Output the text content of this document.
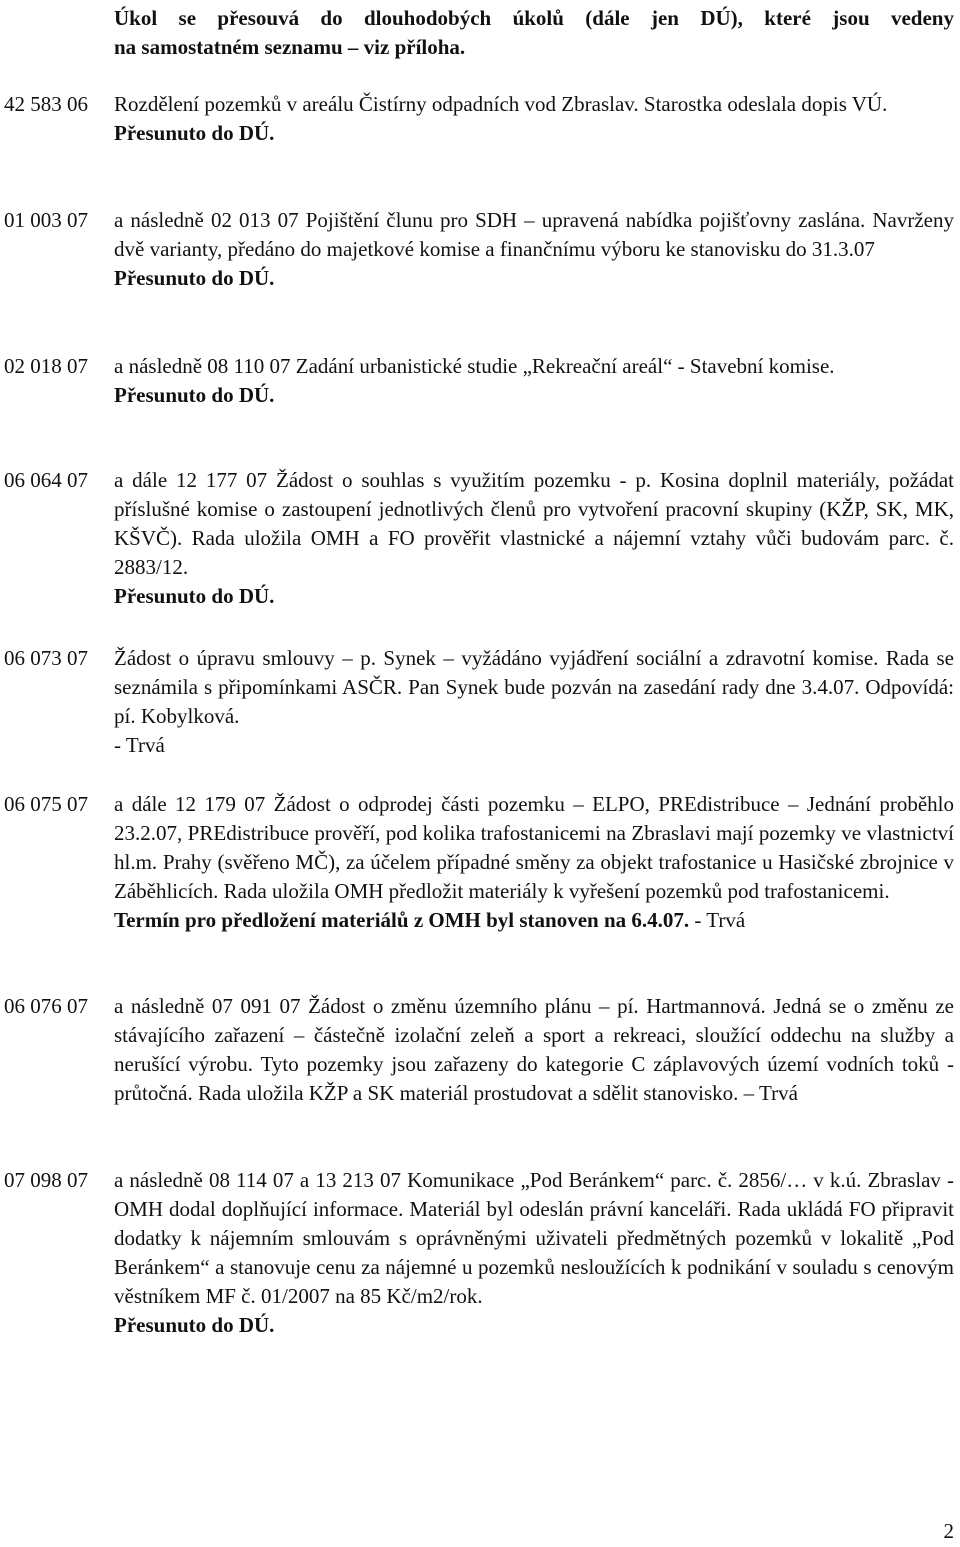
Úkol se přesouvá do dlouhodobých úkolů (dále jen DÚ), které jsou vedeny
na samostatném seznamu – viz příloha.
42 583 06 Rozdělení pozemků v areálu Čistírny odpadních vod Zbraslav. Starostka odeslala dopis VÚ.

Přesunuto do DÚ.

01 003 07 a následně 02 013 07 Pojištění člunu pro SDH – upravená nabídka pojišťovny zaslána. Navrženy dvě varianty, předáno do majetkové komise a finančnímu výboru ke stanovisku do 31.3.07

Přesunuto do DÚ.

02 018 07 a následně 08 110 07 Zadání urbanistické studie „Rekreační areál“ - Stavební komise.

Přesunuto do DÚ.

06 064 07 a dále 12 177 07 Žádost o souhlas s využitím pozemku - p. Kosina doplnil materiály, požádat příslušné komise o zastoupení jednotlivých členů pro vytvoření pracovní skupiny (KŽP, SK, MK, KŠVČ). Rada uložila OMH a FO prověřit vlastnické a nájemní vztahy vůči budovám parc. č. 2883/12.

Přesunuto do DÚ.

06 073 07 Žádost o úpravu smlouvy – p. Synek – vyžádáno vyjádření sociální a zdravotní komise. Rada se seznámila s připomínkami ASČR. Pan Synek bude pozván na zasedání rady dne 3.4.07. Odpovídá: pí. Kobylková.

- Trvá

06 075 07 a dále 12 179 07 Žádost o odprodej části pozemku – ELPO, PREdistribuce – Jednání proběhlo 23.2.07, PREdistribuce prověří, pod kolika trafostanicemi na Zbraslavi mají pozemky ve vlastnictví hl.m. Prahy (svěřeno MČ), za účelem případné směny za objekt trafostanice u Hasičské zbrojnice v Záběhlicích. Rada uložila OMH předložit materiály k vyřešení pozemků pod trafostanicemi.

Termín pro předložení materiálů z OMH byl stanoven na 6.4.07. - Trvá

06 076 07 a následně 07 091 07 Žádost o změnu územního plánu – pí. Hartmannová. Jedná se o změnu ze stávajícího zařazení – částečně izolační zeleň a sport a rekreaci, sloužící oddechu na služby a nerušící výrobu. Tyto pozemky jsou zařazeny do kategorie C záplavových území vodních toků - průtočná. Rada uložila KŽP a SK materiál prostudovat a sdělit stanovisko. – Trvá

07 098 07 a následně 08 114 07 a 13 213 07 Komunikace „Pod Beránkem“ parc. č. 2856/… v k.ú. Zbraslav - OMH dodal doplňující informace. Materiál byl odeslán právní kanceláři. Rada ukládá FO připravit dodatky k nájemním smlouvám s oprávněnými uživateli předmětných pozemků v lokalitě „Pod Beránkem“ a stanovuje cenu za nájemné u pozemků nesloužících k podnikání v souladu s cenovým věstníkem MF č. 01/2007 na 85 Kč/m2/rok.

Přesunuto do DÚ.

2
